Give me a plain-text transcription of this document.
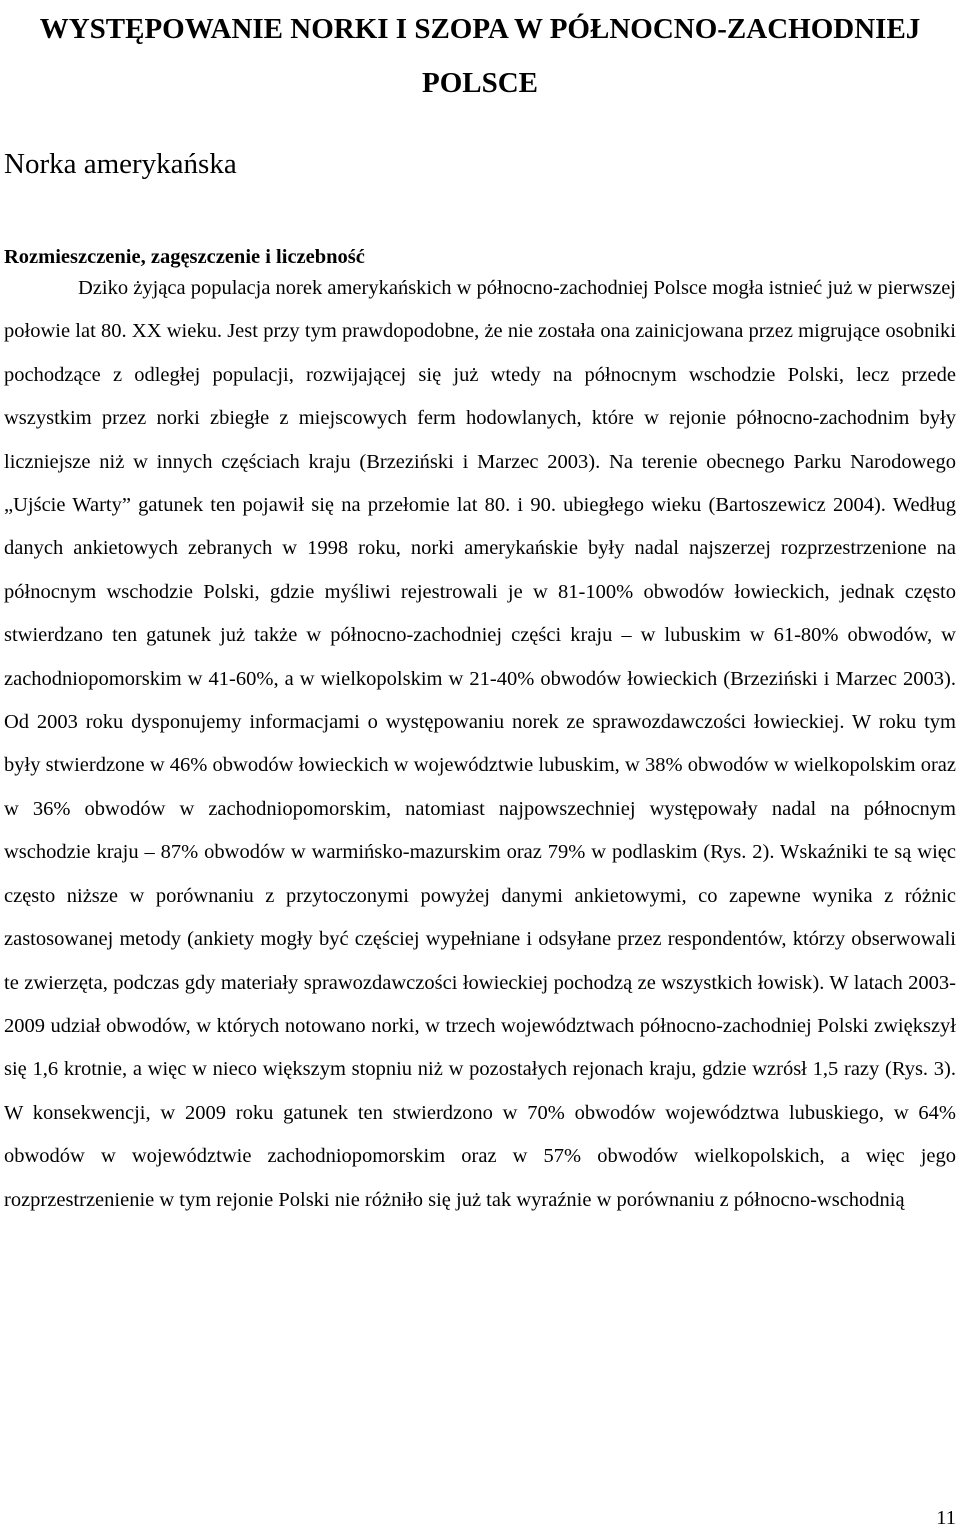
WYSTĘPOWANIE NORKI I SZOPA W PÓŁNOCNO-ZACHODNIEJ POLSCE
Norka amerykańska
Rozmieszczenie, zagęszczenie i liczebność

Dziko żyjąca populacja norek amerykańskich w północno-zachodniej Polsce mogła istnieć już w pierwszej połowie lat 80. XX wieku. Jest przy tym prawdopodobne, że nie została ona zainicjowana przez migrujące osobniki pochodzące z odległej populacji, rozwijającej się już wtedy na północnym wschodzie Polski, lecz przede wszystkim przez norki zbiegłe z miejscowych ferm hodowlanych, które w rejonie północno-zachodnim były liczniejsze niż w innych częściach kraju (Brzeziński i Marzec 2003). Na terenie obecnego Parku Narodowego „Ujście Warty” gatunek ten pojawił się na przełomie lat 80. i 90. ubiegłego wieku (Bartoszewicz 2004). Według danych ankietowych zebranych w 1998 roku, norki amerykańskie były nadal najszerzej rozprzestrzenione na północnym wschodzie Polski, gdzie myśliwi rejestrowali je w 81-100% obwodów łowieckich, jednak często stwierdzano ten gatunek już także w północno-zachodniej części kraju – w lubuskim w 61-80% obwodów, w zachodniopomorskim w 41-60%, a w wielkopolskim w 21-40% obwodów łowieckich (Brzeziński i Marzec 2003). Od 2003 roku dysponujemy informacjami o występowaniu norek ze sprawozdawczości łowieckiej. W roku tym były stwierdzone w 46% obwodów łowieckich w województwie lubuskim, w 38% obwodów w wielkopolskim oraz w 36% obwodów w zachodniopomorskim, natomiast najpowszechniej występowały nadal na północnym wschodzie kraju – 87% obwodów w warmińsko-mazurskim oraz 79% w podlaskim (Rys. 2). Wskaźniki te są więc często niższe w porównaniu z przytoczonymi powyżej danymi ankietowymi, co zapewne wynika z różnic zastosowanej metody (ankiety mogły być częściej wypełniane i odsyłane przez respondentów, którzy obserwowali te zwierzęta, podczas gdy materiały sprawozdawczości łowieckiej pochodzą ze wszystkich łowisk). W latach 2003-2009 udział obwodów, w których notowano norki, w trzech województwach północno-zachodniej Polski zwiększył się 1,6 krotnie, a więc w nieco większym stopniu niż w pozostałych rejonach kraju, gdzie wzrósł 1,5 razy (Rys. 3). W konsekwencji, w 2009 roku gatunek ten stwierdzono w 70% obwodów województwa lubuskiego, w 64% obwodów w województwie zachodniopomorskim oraz w 57% obwodów wielkopolskich, a więc jego rozprzestrzenienie w tym rejonie Polski nie różniło się już tak wyraźnie w porównaniu z północno-wschodnią

11
